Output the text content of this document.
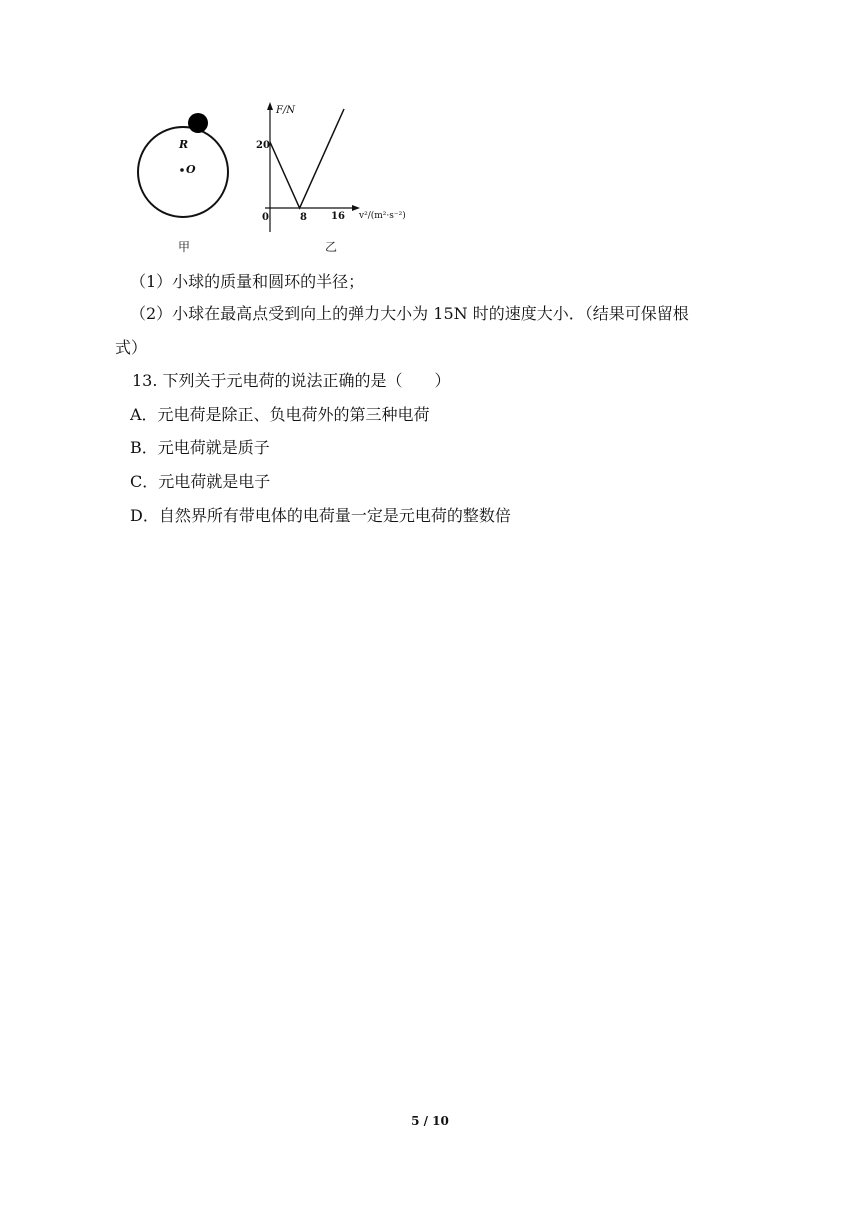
R
O
甲
F/N
20
0	8 16 v²/(m²·s⁻²)
乙
（1）小球的质量和圆环的半径；
（2）小球在最高点受到向上的弹力大小为 15N 时的速度大小．（结果可保留根
式）
13. 下列关于元电荷的说法正确的是（　　）
A．元电荷是除正、负电荷外的第三种电荷
B．元电荷就是质子
C．元电荷就是电子
D．自然界所有带电体的电荷量一定是元电荷的整数倍
5 / 10
